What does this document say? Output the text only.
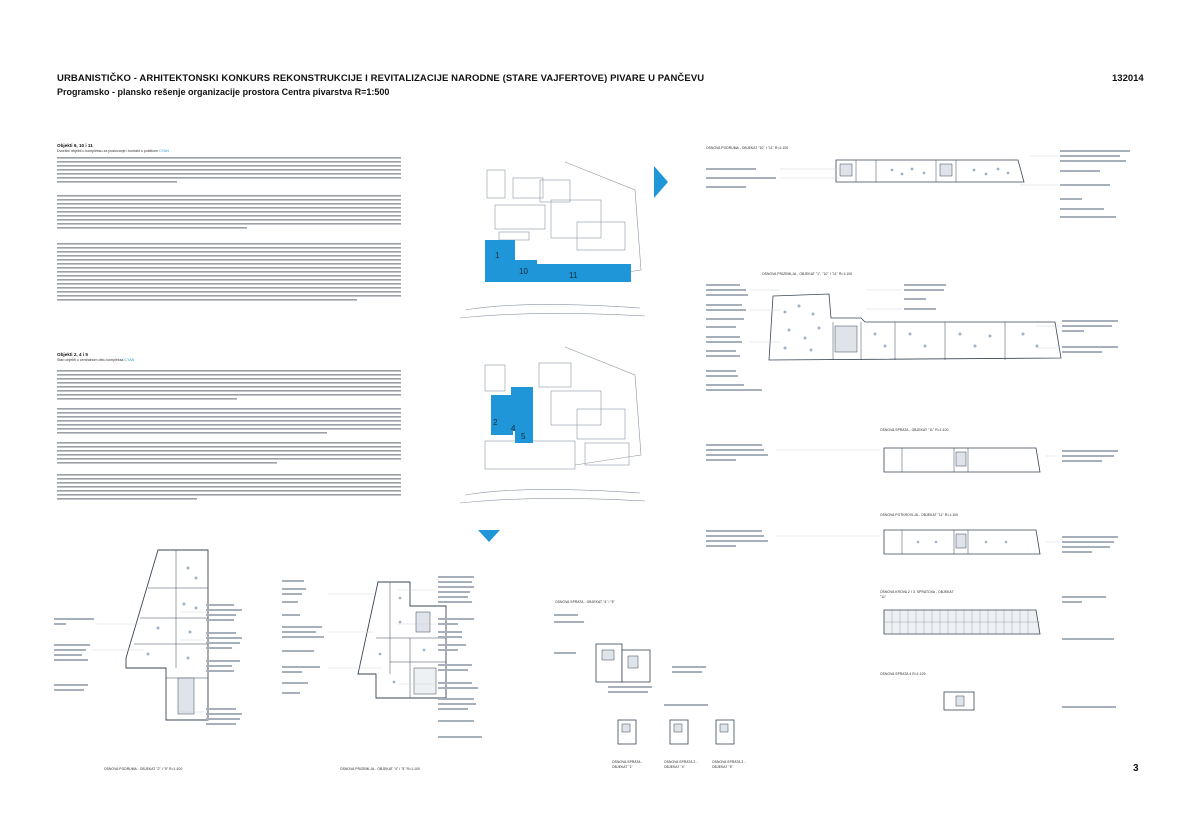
URBANISTIČKO - ARHITEKTONSKI KONKURS REKONSTRUKCIJE I REVITALIZACIJE NARODNE (STARE VAJFERTOVE) PIVARE U PANČEVU
Programsko - plansko rešenje organizacije prostora Centra pivarstva R=1:500
132014
3
Objekti 9, 10 i 11
Dvorišni objekti u kompleksu za poslovanje i kontakt s publikom CYAN
Objekti 2, 4 i 5
Stari objekti u centralnom delu kompleksa CYAN
1
10	11
2
4
5
OSNOVA PODRUMA - OBJEKAT "10" I "11" R=1:100
OSNOVA PRIZEMLJA - OBJEKAT "1", "10" I "11" R=1:100
OSNOVA SPRATA - OBJEKAT "11" R=1:100
OSNOVA POTKROVLJA - OBJEKAT "11" R=1:100
OSNOVA KROVA 2 I 3. SPRATOVA - OBJEKAT "11"
OSNOVA SPRATA 4 R=1:100
OSNOVA PODRUMA - OBJEKAT "2" i "5" R=1:100	OSNOVA PRIZEMLJA - OBJEKAT "4" i "5" R=1:100
OSNOVA SPRATA - OBJEKAT "4" i "5"
OSNOVA SPRATA - OBJEKAT "1"
OSNOVA SPRATA 2 - OBJEKAT "4"
OSNOVA SPRATA 3 - OBJEKAT "5"
